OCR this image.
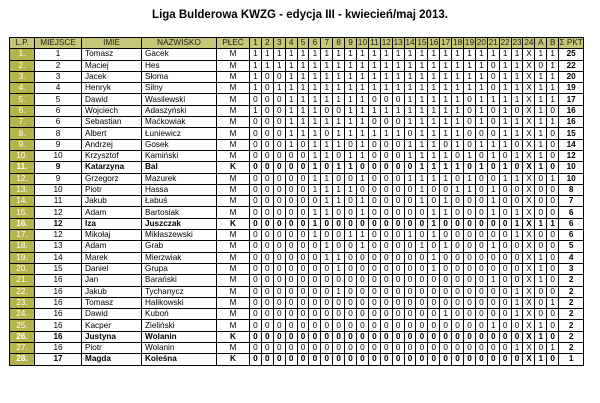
Liga Bulderowa KWZG - edycja III - kwiecień/maj 2013.
L.P.	MIEJSCE	IMIE	NAZWISKO	PŁEĆ	1	2	3	4	5	6	7	8	9	10	11	12	13	14	15	16	17	18	19	20	21	22	23	24	A	B	Σ PKT
1.	1	Tomasz	Gacek	M	1	1	1	1	1	1	1	1	1	1	1	1	1	1	1	1	1	1	1	1	1	1	1	X	1	1	25
2.	2	Maciej	Hes	M	1	1	1	1	1	1	1	1	1	1	1	1	1	1	1	1	1	1	1	1	0	1	1	X	0	1	22
3.	3	Jacek	Słoma	M	1	0	0	1	1	1	1	1	1	1	1	1	1	1	1	1	1	1	1	1	0	1	1	X	1	1	20
4.	4	Henryk	Silny	M	1	0	1	1	1	1	1	1	1	1	1	1	1	1	1	1	1	1	1	1	0	1	1	X	1	1	19
5.	5	Dawid	Wasilewski	M	0	0	0	1	1	1	1	1	1	1	0	0	0	1	1	1	1	1	0	1	1	1	1	X	1	1	17
6.	6	Wojciech	Adaszyński	M	1	0	0	1	1	1	0	0	1	1	1	1	1	1	1	1	1	1	0	1	0	1	0	X	1	0	16
7.	6	Sebastian	Maćkowiak	M	0	0	0	1	1	1	1	1	1	1	0	0	0	1	1	1	1	1	0	1	0	1	1	X	1	1	16
8.	8	Albert	Łuniewicz	M	0	0	0	1	1	1	0	1	1	1	1	1	1	0	1	1	1	1	0	0	0	1	1	X	1	0	15
9.	9	Andrzej	Gosek	M	0	0	0	1	0	1	1	1	0	1	0	0	0	1	1	1	0	1	0	1	1	1	0	X	1	0	14
10.	10	Krzysztof	Kamiński	M	0	0	0	0	0	1	1	0	1	1	0	0	0	1	1	1	1	0	1	0	1	0	1	X	1	0	12
11.	9	Katarzyna	Bal	K	0	0	0	0	0	1	0	1	1	0	0	0	0	0	1	1	1	1	0	1	0	1	0	X	1	0	10
12.	9	Grzegorz	Mazurek	M	0	0	0	0	0	1	1	0	0	1	0	0	0	1	1	1	1	0	1	0	0	1	1	X	0	1	10
13.	10	Piotr	Hassa	M	0	0	0	0	0	1	1	1	1	0	0	0	0	0	1	0	0	1	1	0	1	0	0	X	0	0	8
14.	11	Jakub	Łabuś	M	0	0	0	0	0	0	1	1	0	1	0	0	0	0	1	0	1	0	0	0	1	0	0	X	0	0	7
15.	12	Adam	Bartosiak	M	0	0	0	0	0	1	1	0	0	1	0	0	0	0	0	1	1	0	0	0	1	0	1	X	0	0	6
16.	12	Iza	Juszczak	K	0	0	0	0	0	1	0	0	0	0	0	0	0	0	0	1	0	0	0	0	0	0	1	X	1	1	6
17.	12	Mikołaj	Mikłaszewski	M	0	0	0	0	0	1	0	0	1	1	0	0	0	1	0	1	0	0	0	0	0	0	1	X	0	0	6
18.	13	Adam	Grab	M	0	0	0	0	0	0	1	0	0	1	0	0	0	0	1	0	1	0	0	0	1	0	0	X	0	0	5
19.	14	Marek	Mierzwiak	M	0	0	0	0	0	0	1	1	0	0	0	0	0	0	0	1	0	0	0	0	0	0	0	X	1	0	4
20.	15	Daniel	Grupa	M	0	0	0	0	0	0	0	1	0	0	0	0	0	0	0	1	0	0	0	0	0	0	0	X	1	0	3
21.	16	Jan	Barański	M	0	0	0	0	0	0	0	0	0	0	0	0	0	0	0	0	0	0	0	0	1	0	0	X	1	0	2
22.	16	Jakub	Tychanycz	M	0	0	0	0	0	0	0	1	0	0	0	0	0	0	0	0	0	0	0	0	0	0	1	X	0	0	2
23.	16	Tomasz	Halikowski	M	0	0	0	0	0	0	0	0	0	0	0	0	0	0	0	0	0	0	0	0	0	0	1	X	0	1	2
24.	16	Dawid	Kuboń	M	0	0	0	0	0	0	0	0	0	0	0	0	0	0	0	0	1	0	0	0	0	0	1	X	0	0	2
25.	16	Kacper	Zieliński	M	0	0	0	0	0	0	0	0	0	0	0	0	0	0	0	0	0	0	0	0	1	0	0	X	1	0	2
26.	16	Justyna	Wolanin	K	0	0	0	0	0	0	0	0	0	0	0	0	0	0	0	0	0	0	0	0	0	0	0	X	1	0	2
27.	16	Piotr	Wolanin	M	0	0	0	0	0	0	0	0	0	0	0	0	0	0	0	0	0	0	0	0	0	0	1	X	0	1	2
28.	17	Magda	Koleśna	K	0	0	0	0	0	0	0	0	0	0	0	0	0	0	0	0	0	0	0	0	0	0	0	X	1	0	1
